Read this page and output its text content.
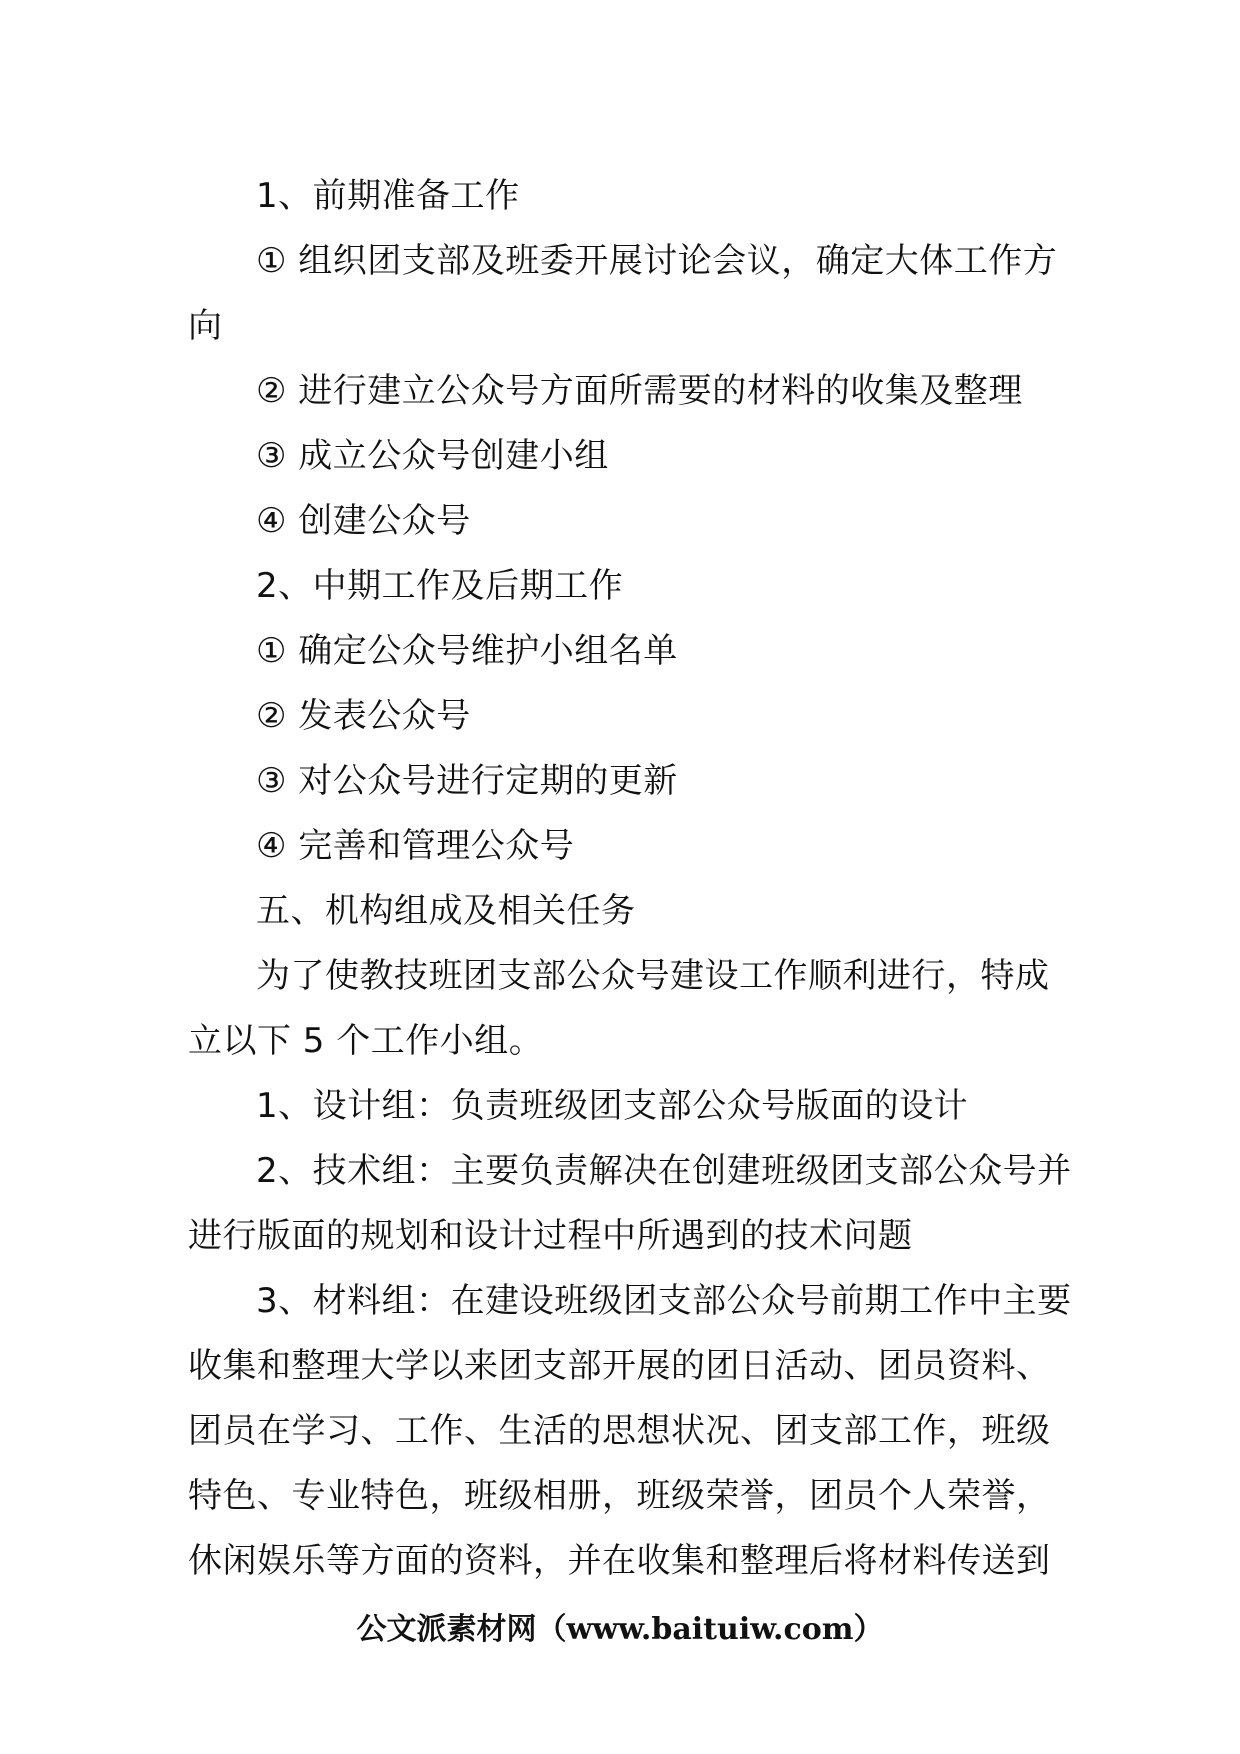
1、前期准备工作
① 组织团支部及班委开展讨论会议，确定大体工作方
向
② 进行建立公众号方面所需要的材料的收集及整理
③ 成立公众号创建小组
④ 创建公众号
2、中期工作及后期工作
① 确定公众号维护小组名单
② 发表公众号
③ 对公众号进行定期的更新
④ 完善和管理公众号
五、机构组成及相关任务
为了使教技班团支部公众号建设工作顺利进行，特成
立以下 5 个工作小组。
1、设计组：负责班级团支部公众号版面的设计
2、技术组：主要负责解决在创建班级团支部公众号并
进行版面的规划和设计过程中所遇到的技术问题
3、材料组：在建设班级团支部公众号前期工作中主要
收集和整理大学以来团支部开展的团日活动、团员资料、
团员在学习、工作、生活的思想状况、团支部工作，班级
特色、专业特色，班级相册，班级荣誉，团员个人荣誉，
休闲娱乐等方面的资料，并在收集和整理后将材料传送到
公文派素材网（www.baituiw.com）
